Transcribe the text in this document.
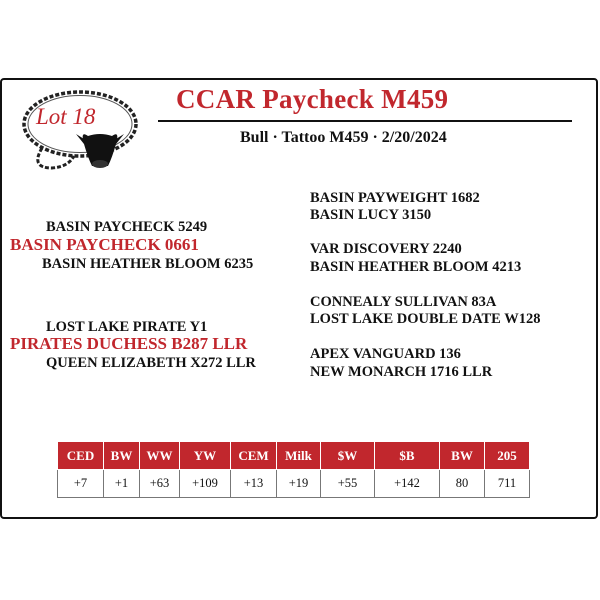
Lot 18
CCAR Paycheck M459
Bull · Tattoo M459 · 2/20/2024
BASIN PAYWEIGHT 1682
BASIN LUCY 3150
VAR DISCOVERY 2240
BASIN HEATHER BLOOM 4213
CONNEALY SULLIVAN 83A
LOST LAKE DOUBLE DATE W128
APEX VANGUARD 136
NEW MONARCH 1716 LLR
BASIN PAYCHECK 5249
BASIN PAYCHECK 0661
BASIN HEATHER BLOOM 6235
LOST LAKE PIRATE Y1
PIRATES DUCHESS B287 LLR
QUEEN ELIZABETH X272 LLR
CED	BW	WW	YW	CEM	Milk	$W	$B	BW	205
+7	+1	+63	+109	+13	+19	+55	+142	80	711
